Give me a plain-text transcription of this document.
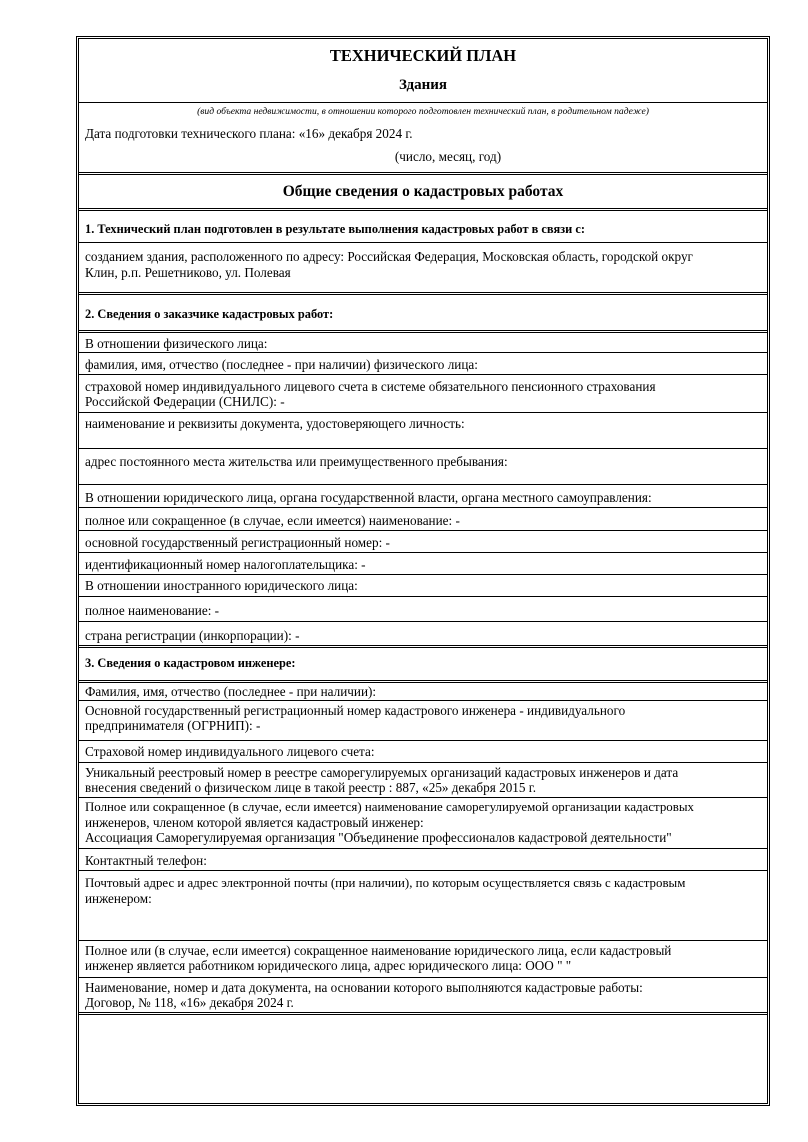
ТЕХНИЧЕСКИЙ ПЛАН
Здания
(вид объекта недвижимости, в отношении которого подготовлен технический план, в родительном падеже)
Дата подготовки технического плана: «16» декабря 2024 г.
(число, месяц, год)
Общие сведения о кадастровых работах
1. Технический план подготовлен в результате выполнения кадастровых работ в связи с:
созданием здания, расположенного по адресу: Российская Федерация, Московская область, городской округ
Клин, р.п. Решетниково, ул. Полевая
2. Сведения о заказчике кадастровых работ:
В отношении физического лица:
фамилия, имя, отчество (последнее - при наличии) физического лица:
страховой номер индивидуального лицевого счета в системе обязательного пенсионного страхования
Российской Федерации (СНИЛС): -
наименование и реквизиты документа, удостоверяющего личность:
адрес постоянного места жительства или преимущественного пребывания:
В отношении юридического лица, органа государственной власти, органа местного самоуправления:
полное или сокращенное (в случае, если имеется) наименование: -
основной государственный регистрационный номер: -
идентификационный номер налогоплательщика: -
В отношении иностранного юридического лица:
полное наименование: -
страна регистрации (инкорпорации): -
3. Сведения о кадастровом инженере:
Фамилия, имя, отчество (последнее - при наличии):
Основной государственный регистрационный номер кадастрового инженера - индивидуального
предпринимателя (ОГРНИП): -
Страховой номер индивидуального лицевого счета:
Уникальный реестровый номер в реестре саморегулируемых организаций кадастровых инженеров и дата
внесения сведений о физическом лице в такой реестр : 887, «25» декабря 2015 г.
Полное или сокращенное (в случае, если имеется) наименование саморегулируемой организации кадастровых
инженеров, членом которой является кадастровый инженер:
Ассоциация Саморегулируемая организация "Объединение профессионалов кадастровой деятельности"
Контактный телефон:
Почтовый адрес и адрес электронной почты (при наличии), по которым осуществляется связь с кадастровым
инженером:
Полное или (в случае, если имеется) сокращенное наименование юридического лица, если кадастровый
инженер является работником юридического лица, адрес юридического лица: ООО " "
Наименование, номер и дата документа, на основании которого выполняются кадастровые работы:
Договор, № 118, «16» декабря 2024 г.
